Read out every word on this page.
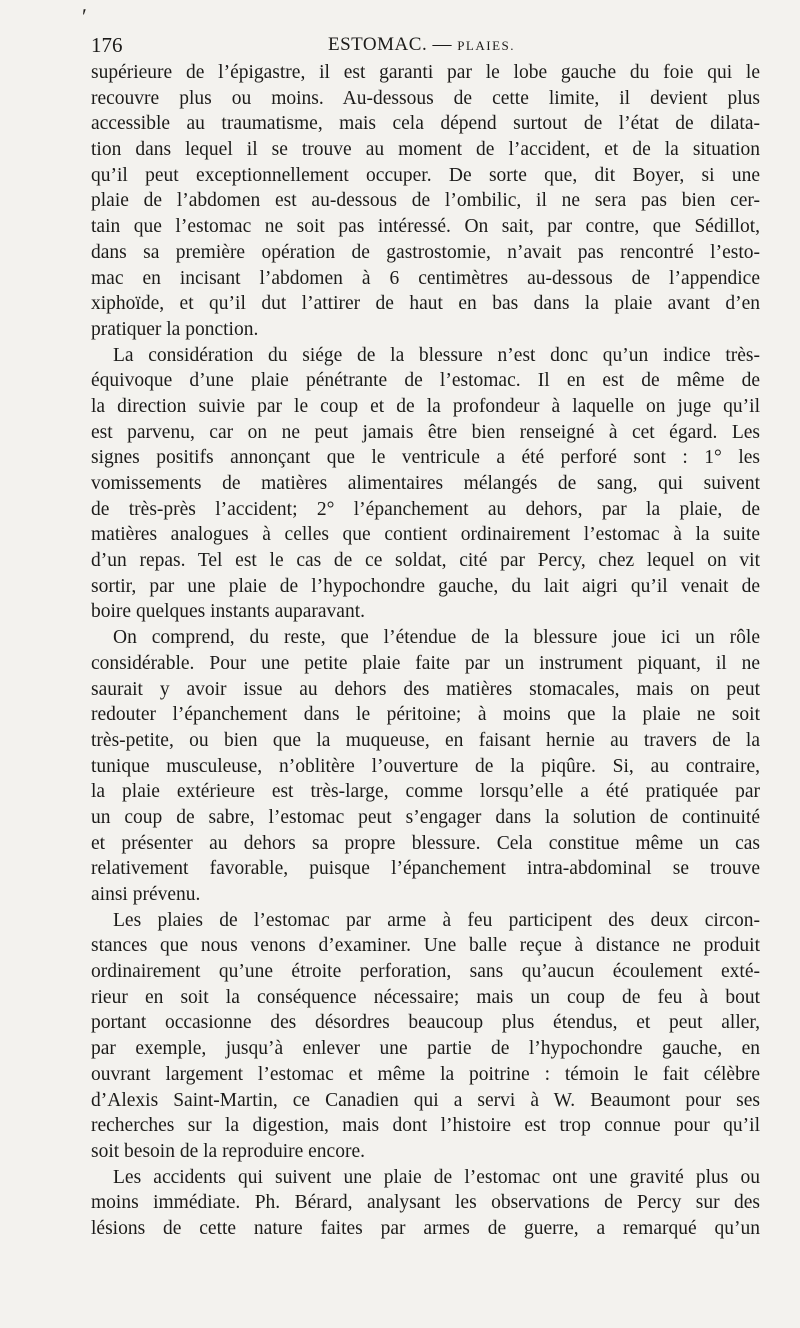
ʹ
176	ESTOMAC. — PLAIES.
supérieure de l’épigastre, il est garanti par le lobe gauche du foie qui le
recouvre plus ou moins. Au-dessous de cette limite, il devient plus
accessible au traumatisme, mais cela dépend surtout de l’état de dilata-
tion dans lequel il se trouve au moment de l’accident, et de la situation
qu’il peut exceptionnellement occuper. De sorte que, dit Boyer, si une
plaie de l’abdomen est au-dessous de l’ombilic, il ne sera pas bien cer-
tain que l’estomac ne soit pas intéressé. On sait, par contre, que Sédillot,
dans sa première opération de gastrostomie, n’avait pas rencontré l’esto-
mac en incisant l’abdomen à 6 centimètres au-dessous de l’appendice
xiphoïde, et qu’il dut l’attirer de haut en bas dans la plaie avant d’en
pratiquer la ponction.
La considération du siége de la blessure n’est donc qu’un indice très-
équivoque d’une plaie pénétrante de l’estomac. Il en est de même de
la direction suivie par le coup et de la profondeur à laquelle on juge qu’il
est parvenu, car on ne peut jamais être bien renseigné à cet égard. Les
signes positifs annonçant que le ventricule a été perforé sont : 1° les
vomissements de matières alimentaires mélangés de sang, qui suivent
de très-près l’accident; 2° l’épanchement au dehors, par la plaie, de
matières analogues à celles que contient ordinairement l’estomac à la suite
d’un repas. Tel est le cas de ce soldat, cité par Percy, chez lequel on vit
sortir, par une plaie de l’hypochondre gauche, du lait aigri qu’il venait de
boire quelques instants auparavant.
On comprend, du reste, que l’étendue de la blessure joue ici un rôle
considérable. Pour une petite plaie faite par un instrument piquant, il ne
saurait y avoir issue au dehors des matières stomacales, mais on peut
redouter l’épanchement dans le péritoine; à moins que la plaie ne soit
très-petite, ou bien que la muqueuse, en faisant hernie au travers de la
tunique musculeuse, n’oblitère l’ouverture de la piqûre. Si, au contraire,
la plaie extérieure est très-large, comme lorsqu’elle a été pratiquée par
un coup de sabre, l’estomac peut s’engager dans la solution de continuité
et présenter au dehors sa propre blessure. Cela constitue même un cas
relativement favorable, puisque l’épanchement intra-abdominal se trouve
ainsi prévenu.
Les plaies de l’estomac par arme à feu participent des deux circon-
stances que nous venons d’examiner. Une balle reçue à distance ne produit
ordinairement qu’une étroite perforation, sans qu’aucun écoulement exté-
rieur en soit la conséquence nécessaire; mais un coup de feu à bout
portant occasionne des désordres beaucoup plus étendus, et peut aller,
par exemple, jusqu’à enlever une partie de l’hypochondre gauche, en
ouvrant largement l’estomac et même la poitrine : témoin le fait célèbre
d’Alexis Saint-Martin, ce Canadien qui a servi à W. Beaumont pour ses
recherches sur la digestion, mais dont l’histoire est trop connue pour qu’il
soit besoin de la reproduire encore.
Les accidents qui suivent une plaie de l’estomac ont une gravité plus ou
moins immédiate. Ph. Bérard, analysant les observations de Percy sur des
lésions de cette nature faites par armes de guerre, a remarqué qu’un
